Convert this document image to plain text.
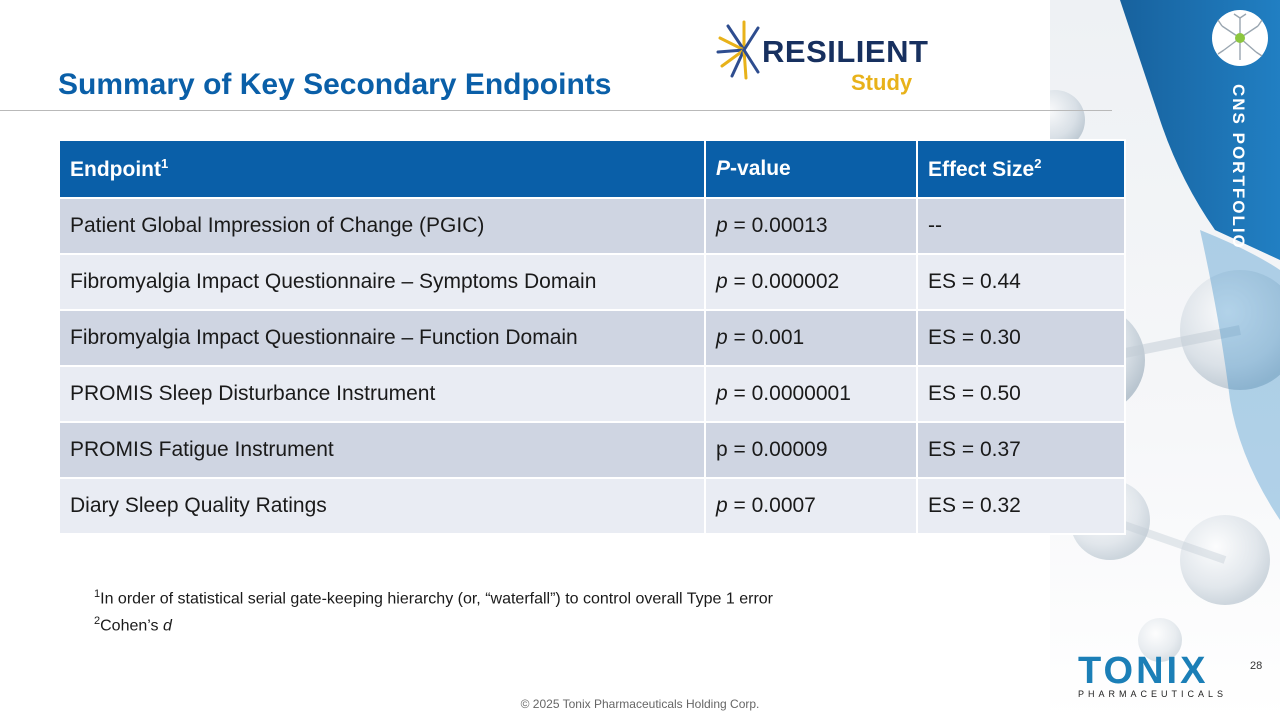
CNS PORTFOLIO
Summary of Key Secondary Endpoints
RESILIENT
Study
Endpoint$^1$	P-value	Effect Size$^2$
Patient Global Impression of Change (PGIC)	p = 0.00013	--
Fibromyalgia Impact Questionnaire – Symptoms Domain	p = 0.000002	ES = 0.44
Fibromyalgia Impact Questionnaire – Function Domain	p = 0.001	ES = 0.30
PROMIS Sleep Disturbance Instrument	p = 0.0000001	ES = 0.50
PROMIS Fatigue Instrument	p = 0.00009	ES = 0.37
Diary Sleep Quality Ratings	p = 0.0007	ES = 0.32
$^1$In order of statistical serial gate-keeping hierarchy (or, “waterfall”) to control overall Type 1 error
$^2$Cohen’s d
TONIX
PHARMACEUTICALS
28
© 2025 Tonix Pharmaceuticals Holding Corp.
